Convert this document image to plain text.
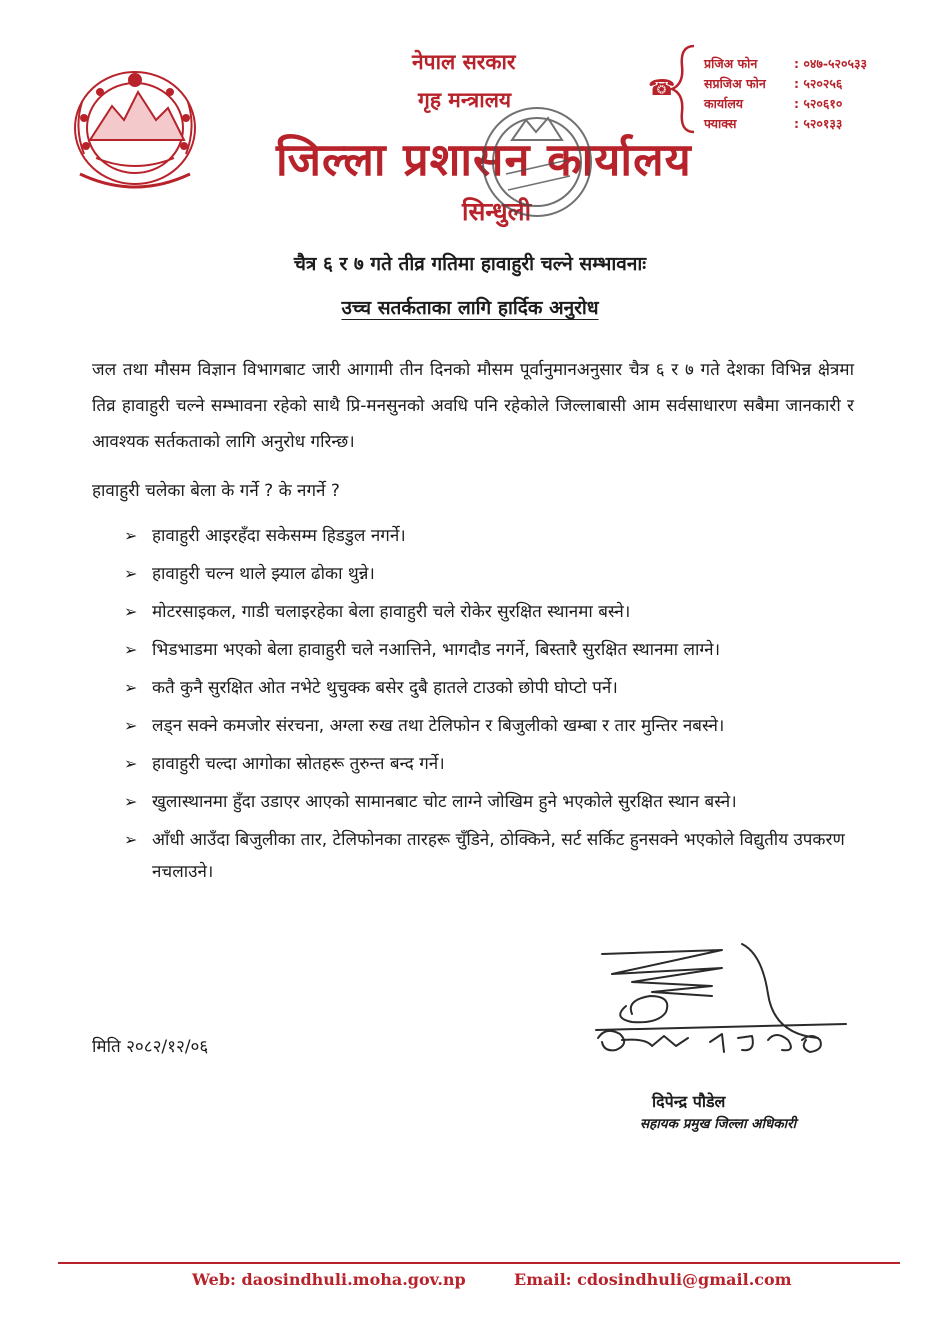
नेपाल सरकार
गृह मन्त्रालय
जिल्ला प्रशासन कार्यालय
सिन्धुली
☎
प्रजिअ फोन	: ०४७-५२०५३३
सप्रजिअ फोन	: ५२०२५६
कार्यालय	: ५२०६१०
फ्याक्स	: ५२०१३३
चैत्र ६ र ७ गते तीव्र गतिमा हावाहुरी चल्ने सम्भावनाः
उच्च सतर्कताका लागि हार्दिक अनुरोध
जल तथा मौसम विज्ञान विभागबाट जारी आगामी तीन दिनको मौसम पूर्वानुमानअनुसार चैत्र ६ र ७ गते देशका विभिन्न क्षेत्रमा तिव्र हावाहुरी चल्ने सम्भावना रहेको साथै प्रि-मनसुनको अवधि पनि रहेकोले जिल्लाबासी आम सर्वसाधारण सबैमा जानकारी र आवश्यक सर्तकताको लागि अनुरोध गरिन्छ।
हावाहुरी चलेका बेला के गर्ने ? के नगर्ने ?
➢ हावाहुरी आइरहँदा सकेसम्म हिडडुल नगर्ने।
➢ हावाहुरी चल्न थाले झ्याल ढोका थुन्ने।
➢ मोटरसाइकल, गाडी चलाइरहेका बेला हावाहुरी चले रोकेर सुरक्षित स्थानमा बस्ने।
➢ भिडभाडमा भएको बेला हावाहुरी चले नआत्तिने, भागदौड नगर्ने, बिस्तारै सुरक्षित स्थानमा लाग्ने।
➢ कतै कुनै सुरक्षित ओत नभेटे थुचुक्क बसेर दुबै हातले टाउको छोपी घोप्टो पर्ने।
➢ लड्न सक्ने कमजोर संरचना, अग्ला रुख तथा टेलिफोन र बिजुलीको खम्बा र तार मुन्तिर नबस्ने।
➢ हावाहुरी चल्दा आगोका स्रोतहरू तुरुन्त बन्द गर्ने।
➢ खुलास्थानमा हुँदा उडाएर आएको सामानबाट चोट लाग्ने जोखिम हुने भएकोले सुरक्षित स्थान बस्ने।
➢ आँधी आउँदा बिजुलीका तार, टेलिफोनका तारहरू चुँडिने, ठोक्किने, सर्ट सर्किट हुनसक्ने भएकोले विद्युतीय उपकरण नचलाउने।
मिति २०८२/१२/०६
दिपेन्द्र पौडेल
सहायक प्रमुख जिल्ला अधिकारी
Web: daosindhuli.moha.gov.np	Email: cdosindhuli@gmail.com
